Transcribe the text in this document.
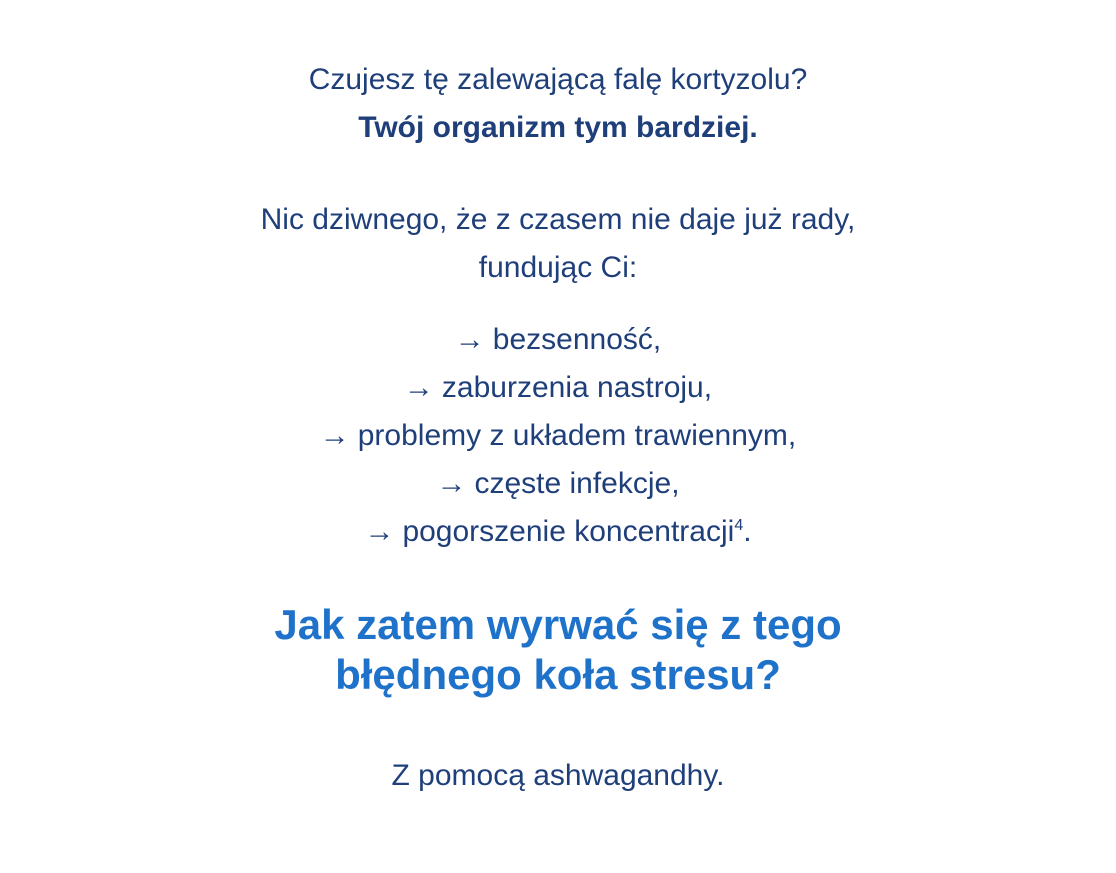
Czujesz tę zalewającą falę kortyzolu?
Twój organizm tym bardziej.
Nic dziwnego, że z czasem nie daje już rady,
fundując Ci:
→ bezsenność,
→ zaburzenia nastroju,
→ problemy z układem trawiennym,
→ częste infekcje,
→ pogorszenie koncentracji$^4$.
Jak zatem wyrwać się z tego
błędnego koła stresu?
Z pomocą ashwagandhy.
